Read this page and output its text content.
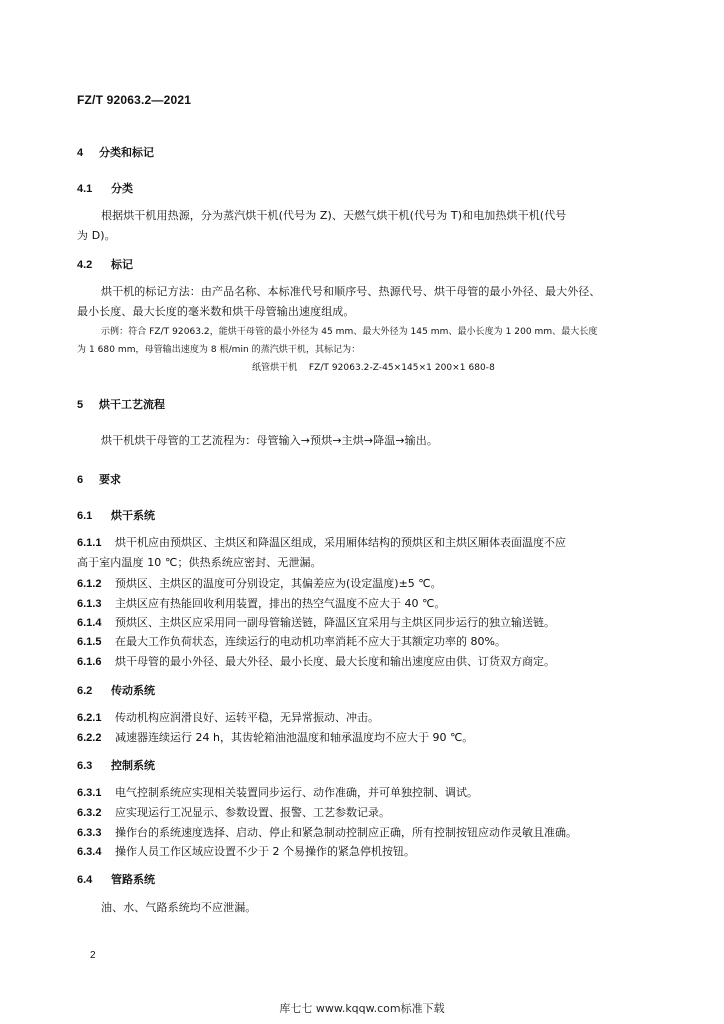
FZ/T 92063.2—2021
4 分类和标记
4.1 分类
根据烘干机用热源，分为蒸汽烘干机(代号为 Z)、天燃气烘干机(代号为 T)和电加热烘干机(代号
为 D)。
4.2 标记
烘干机的标记方法：由产品名称、本标准代号和顺序号、热源代号、烘干母管的最小外径、最大外径、
最小长度、最大长度的毫米数和烘干母管输出速度组成。
示例：符合 FZ/T 92063.2，能烘干母管的最小外径为 45 mm、最大外径为 145 mm、最小长度为 1 200 mm、最大长度
为 1 680 mm，母管输出速度为 8 根/min 的蒸汽烘干机，其标记为：
纸管烘干机    FZ/T 92063.2-Z-45×145×1 200×1 680-8
5 烘干工艺流程
烘干机烘干母管的工艺流程为：母管输入→预烘→主烘→降温→输出。
6 要求
6.1 烘干系统
6.1.1 烘干机应由预烘区、主烘区和降温区组成，采用厢体结构的预烘区和主烘区厢体表面温度不应
高于室内温度 10 ℃；供热系统应密封、无泄漏。
6.1.2 预烘区、主烘区的温度可分别设定，其偏差应为(设定温度)±5 ℃。
6.1.3 主烘区应有热能回收利用装置，排出的热空气温度不应大于 40 ℃。
6.1.4 预烘区、主烘区应采用同一副母管输送链，降温区宜采用与主烘区同步运行的独立输送链。
6.1.5 在最大工作负荷状态，连续运行的电动机功率消耗不应大于其额定功率的 80%。
6.1.6 烘干母管的最小外径、最大外径、最小长度、最大长度和输出速度应由供、订货双方商定。
6.2 传动系统
6.2.1 传动机构应润滑良好、运转平稳，无异常振动、冲击。
6.2.2 减速器连续运行 24 h，其齿轮箱油池温度和轴承温度均不应大于 90 ℃。
6.3 控制系统
6.3.1 电气控制系统应实现相关装置同步运行、动作准确，并可单独控制、调试。
6.3.2 应实现运行工况显示、参数设置、报警、工艺参数记录。
6.3.3 操作台的系统速度选择、启动、停止和紧急制动控制应正确，所有控制按钮应动作灵敏且准确。
6.3.4 操作人员工作区域应设置不少于 2 个易操作的紧急停机按钮。
6.4 管路系统
油、水、气路系统均不应泄漏。
2
库七七 www.kqqw.com标准下载
